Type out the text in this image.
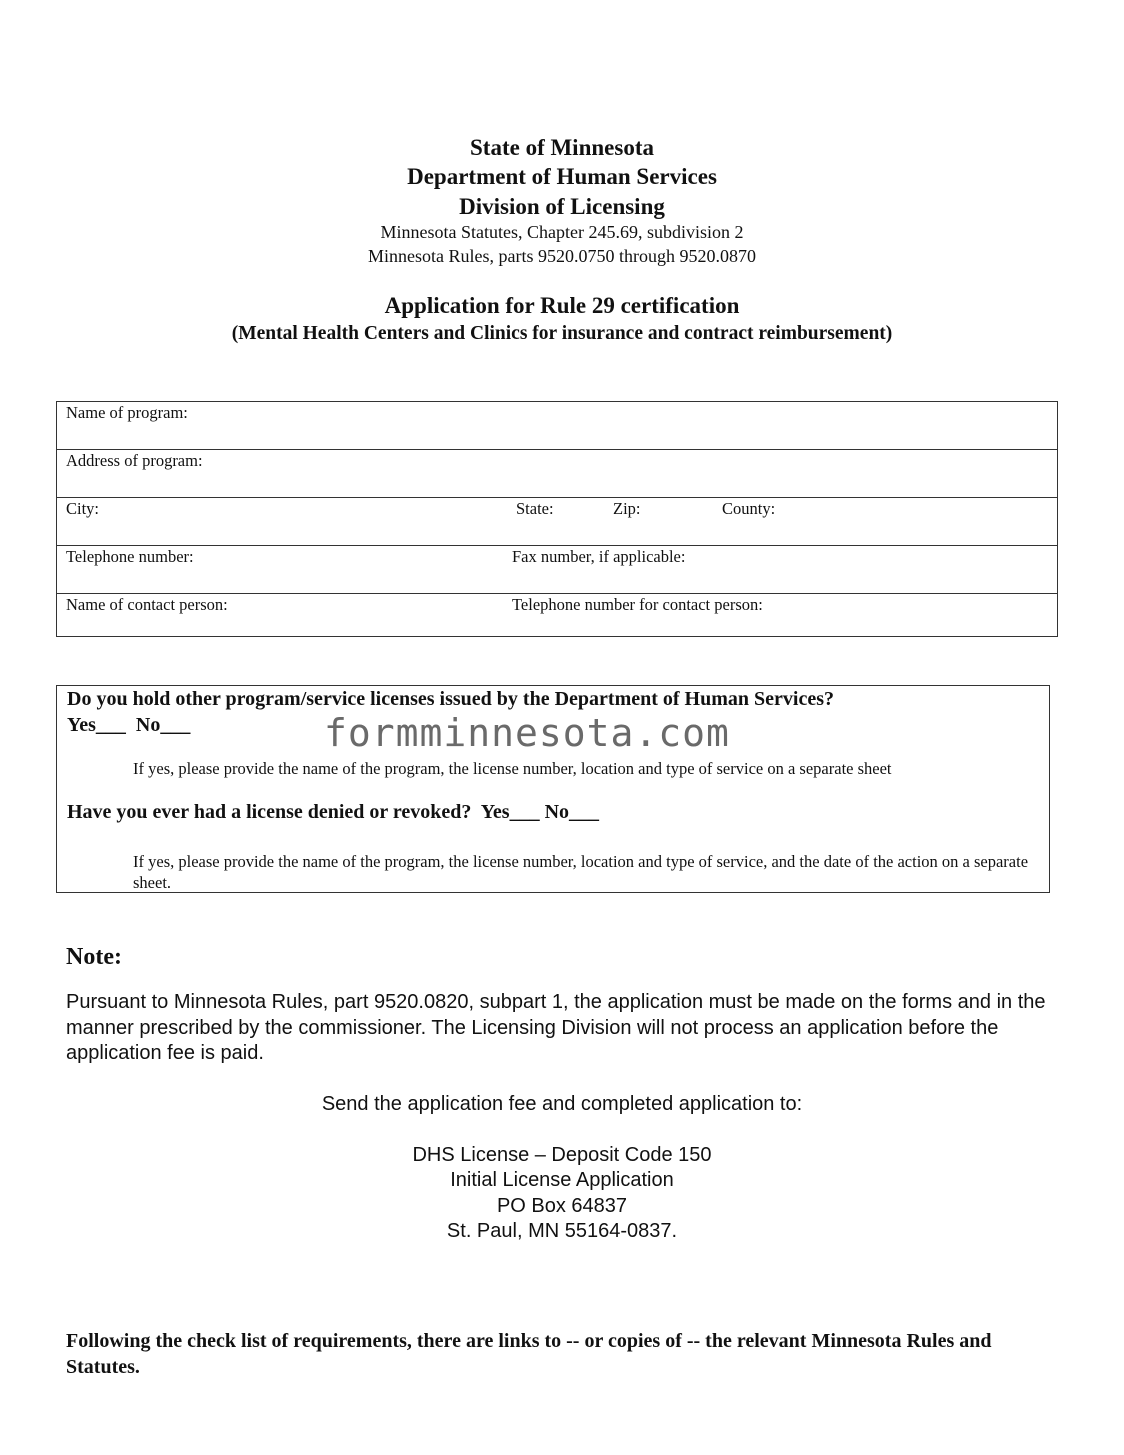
State of Minnesota
Department of Human Services
Division of Licensing
Minnesota Statutes, Chapter 245.69, subdivision 2
Minnesota Rules, parts 9520.0750 through 9520.0870
Application for Rule 29 certification
(Mental Health Centers and Clinics for insurance and contract reimbursement)
Name of program:
Address of program:
City:	State:	Zip:	County:
Telephone number:	Fax number, if applicable:
Name of contact person:	Telephone number for contact person:
Do you hold other program/service licenses issued by the Department of Human Services?
Yes___  No___
If yes, please provide the name of the program, the license number, location and type of service on a separate sheet
Have you ever had a license denied or revoked?  Yes___ No___
If yes, please provide the name of the program, the license number, location and type of service, and the date of the action on a separate sheet.
formminnesota.com
Note:
Pursuant to Minnesota Rules, part 9520.0820, subpart 1, the application must be made on the forms and in the manner prescribed by the commissioner. The Licensing Division will not process an application before the application fee is paid.
Send the application fee and completed application to:
DHS License – Deposit Code 150
Initial License Application
PO Box 64837
St. Paul, MN 55164-0837.
Following the check list of requirements, there are links to -- or copies of -- the relevant Minnesota Rules and Statutes.
